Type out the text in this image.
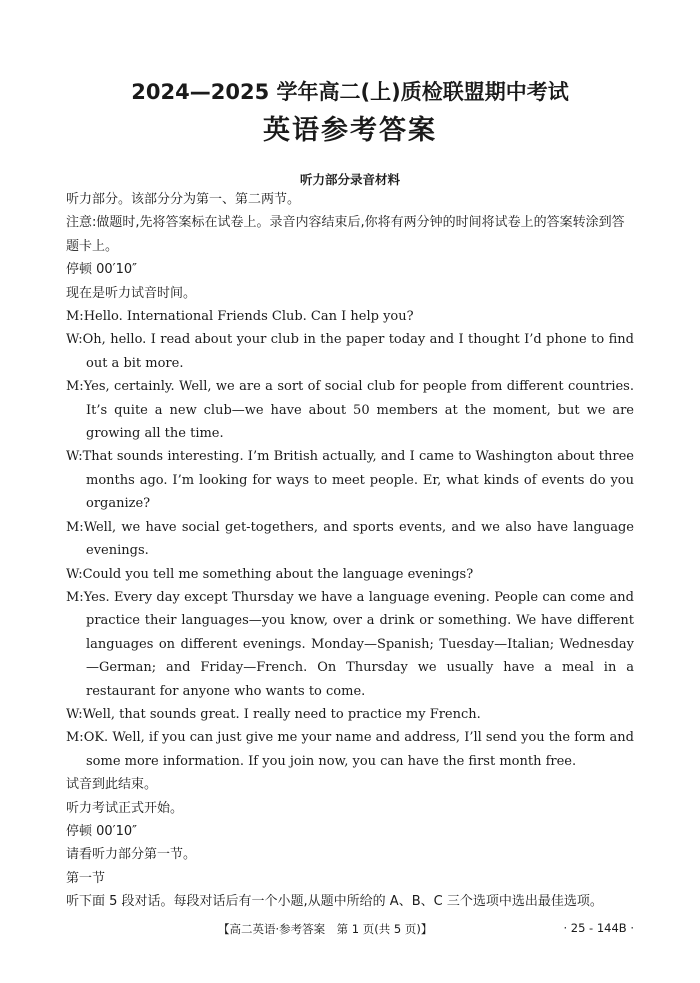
2024—2025 学年高二(上)质检联盟期中考试
英语参考答案
听力部分录音材料

听力部分。该部分分为第一、第二两节。

注意:做题时,先将答案标在试卷上。录音内容结束后,你将有两分钟的时间将试卷上的答案转涂到答题卡上。

停顿 00′10″

现在是听力试音时间。

M:Hello. International Friends Club. Can I help you?

W:Oh, hello. I read about your club in the paper today and I thought I’d phone to find out a bit more.

M:Yes, certainly. Well, we are a sort of social club for people from different countries. It’s quite a new club—we have about 50 members at the moment, but we are growing all the time.

W:That sounds interesting. I’m British actually, and I came to Washington about three months ago. I’m looking for ways to meet people. Er, what kinds of events do you organize?

M:Well, we have social get-togethers, and sports events, and we also have language evenings.

W:Could you tell me something about the language evenings?

M:Yes. Every day except Thursday we have a language evening. People can come and practice their languages—you know, over a drink or something. We have different languages on different evenings. Monday—Spanish; Tuesday—Italian; Wednesday—German; and Friday—French. On Thursday we usually have a meal in a restaurant for anyone who wants to come.

W:Well, that sounds great. I really need to practice my French.

M:OK. Well, if you can just give me your name and address, I’ll send you the form and some more information. If you join now, you can have the first month free.

试音到此结束。

听力考试正式开始。

停顿 00′10″

请看听力部分第一节。

第一节

听下面 5 段对话。每段对话后有一个小题,从题中所给的 A、B、C 三个选项中选出最佳选项。

【高二英语·参考答案　第 1 页(共 5 页)】	· 25 - 144B ·
